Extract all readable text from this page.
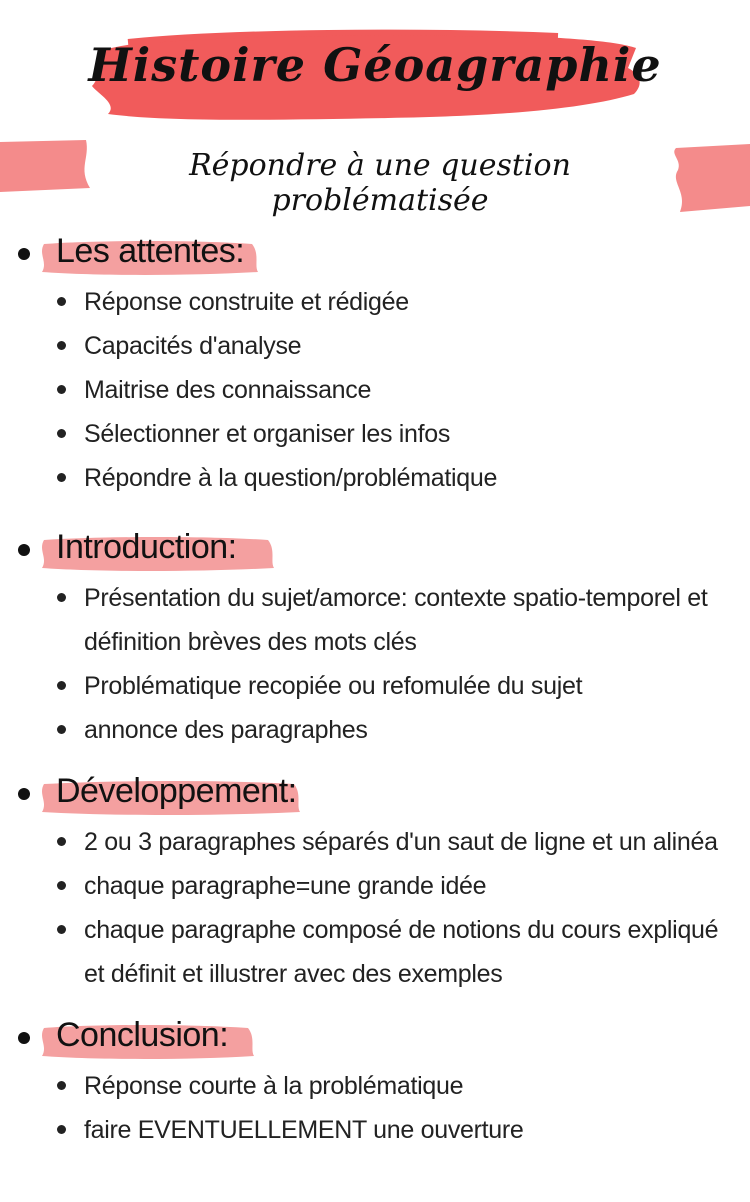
Histoire Géoagraphie
Répondre à une question problématisée
Les attentes:
Réponse construite et rédigée
Capacités d'analyse
Maitrise des connaissance
Sélectionner et organiser les infos
Répondre à la question/problématique
Introduction:
Présentation du sujet/amorce: contexte spatio-temporel et définition brèves des mots clés
Problématique recopiée ou refomulée du sujet
annonce des paragraphes
Développement:
2 ou 3 paragraphes séparés d'un saut de ligne et un alinéa
chaque paragraphe=une grande idée
chaque paragraphe composé de notions du cours expliqué et définit et illustrer avec des exemples
Conclusion:
Réponse courte à la problématique
faire EVENTUELLEMENT une ouverture
